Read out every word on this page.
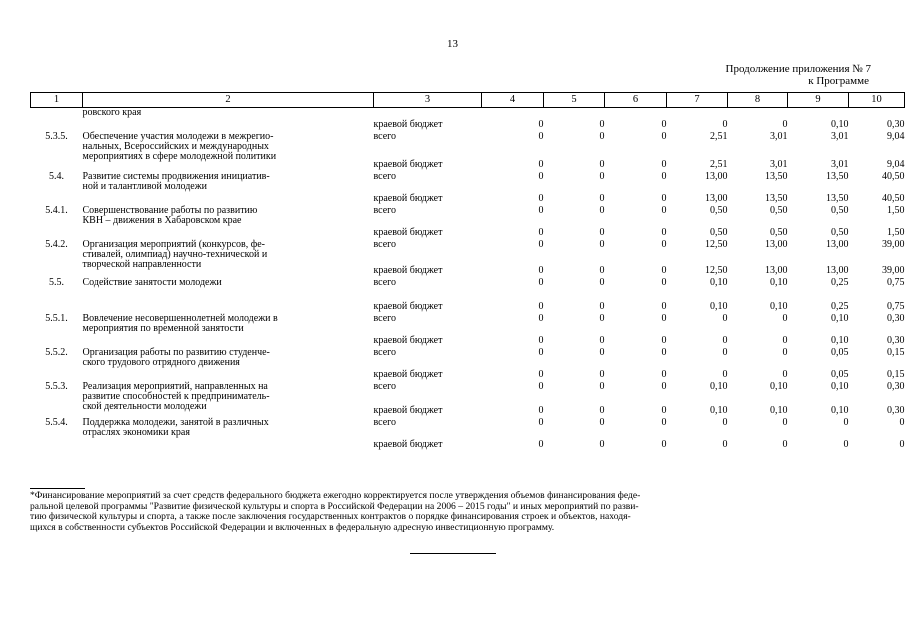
13
Продолжение приложения № 7
к Программе
1	2	3	4	5	6	7	8	9	10
	ровского края	краевой бюджет	0	0	0	0	0	0,10	0,30
5.3.5.	Обеспечение участия молодежи в межрегио-
нальных, Всероссийских и международных
мероприятиях в сфере молодежной политики	всего	0	0	0	2,51	3,01	3,01	9,04
		краевой бюджет	0	0	0	2,51	3,01	3,01	9,04
5.4.	Развитие системы продвижения инициатив-
ной и талантливой молодежи	всего	0	0	0	13,00	13,50	13,50	40,50
		краевой бюджет	0	0	0	13,00	13,50	13,50	40,50
5.4.1.	Совершенствование работы по развитию
КВН – движения в Хабаровском крае	всего	0	0	0	0,50	0,50	0,50	1,50
		краевой бюджет	0	0	0	0,50	0,50	0,50	1,50
5.4.2.	Организация мероприятий (конкурсов, фе-
стивалей, олимпиад) научно-технической и
творческой направленности	всего	0	0	0	12,50	13,00	13,00	39,00
		краевой бюджет	0	0	0	12,50	13,00	13,00	39,00
5.5.	Содействие занятости молодежи	всего	0	0	0	0,10	0,10	0,25	0,75
		краевой бюджет	0	0	0	0,10	0,10	0,25	0,75
5.5.1.	Вовлечение несовершеннолетней молодежи в
мероприятия по временной занятости	всего	0	0	0	0	0	0,10	0,30
		краевой бюджет	0	0	0	0	0	0,10	0,30
5.5.2.	Организация работы по развитию студенче-
ского трудового отрядного движения	всего	0	0	0	0	0	0,05	0,15
		краевой бюджет	0	0	0	0	0	0,05	0,15
5.5.3.	Реализация мероприятий, направленных на
развитие способностей к предприниматель-
ской деятельности молодежи	всего	0	0	0	0,10	0,10	0,10	0,30
		краевой бюджет	0	0	0	0,10	0,10	0,10	0,30
5.5.4.	Поддержка молодежи, занятой в различных
отраслях экономики края	всего	0	0	0	0	0	0	0
		краевой бюджет	0	0	0	0	0	0	0
*Финансирование мероприятий за счет средств федерального бюджета ежегодно корректируется после утверждения объемов финансирования феде-
ральной целевой программы "Развитие физической культуры и спорта в Российской Федерации на 2006 – 2015 годы" и иных мероприятий по разви-
тию физической культуры и спорта, а также после заключения государственных контрактов о порядке финансирования строек и объектов, находя-
щихся в собственности субъектов Российской Федерации и включенных в федеральную адресную инвестиционную программу.
